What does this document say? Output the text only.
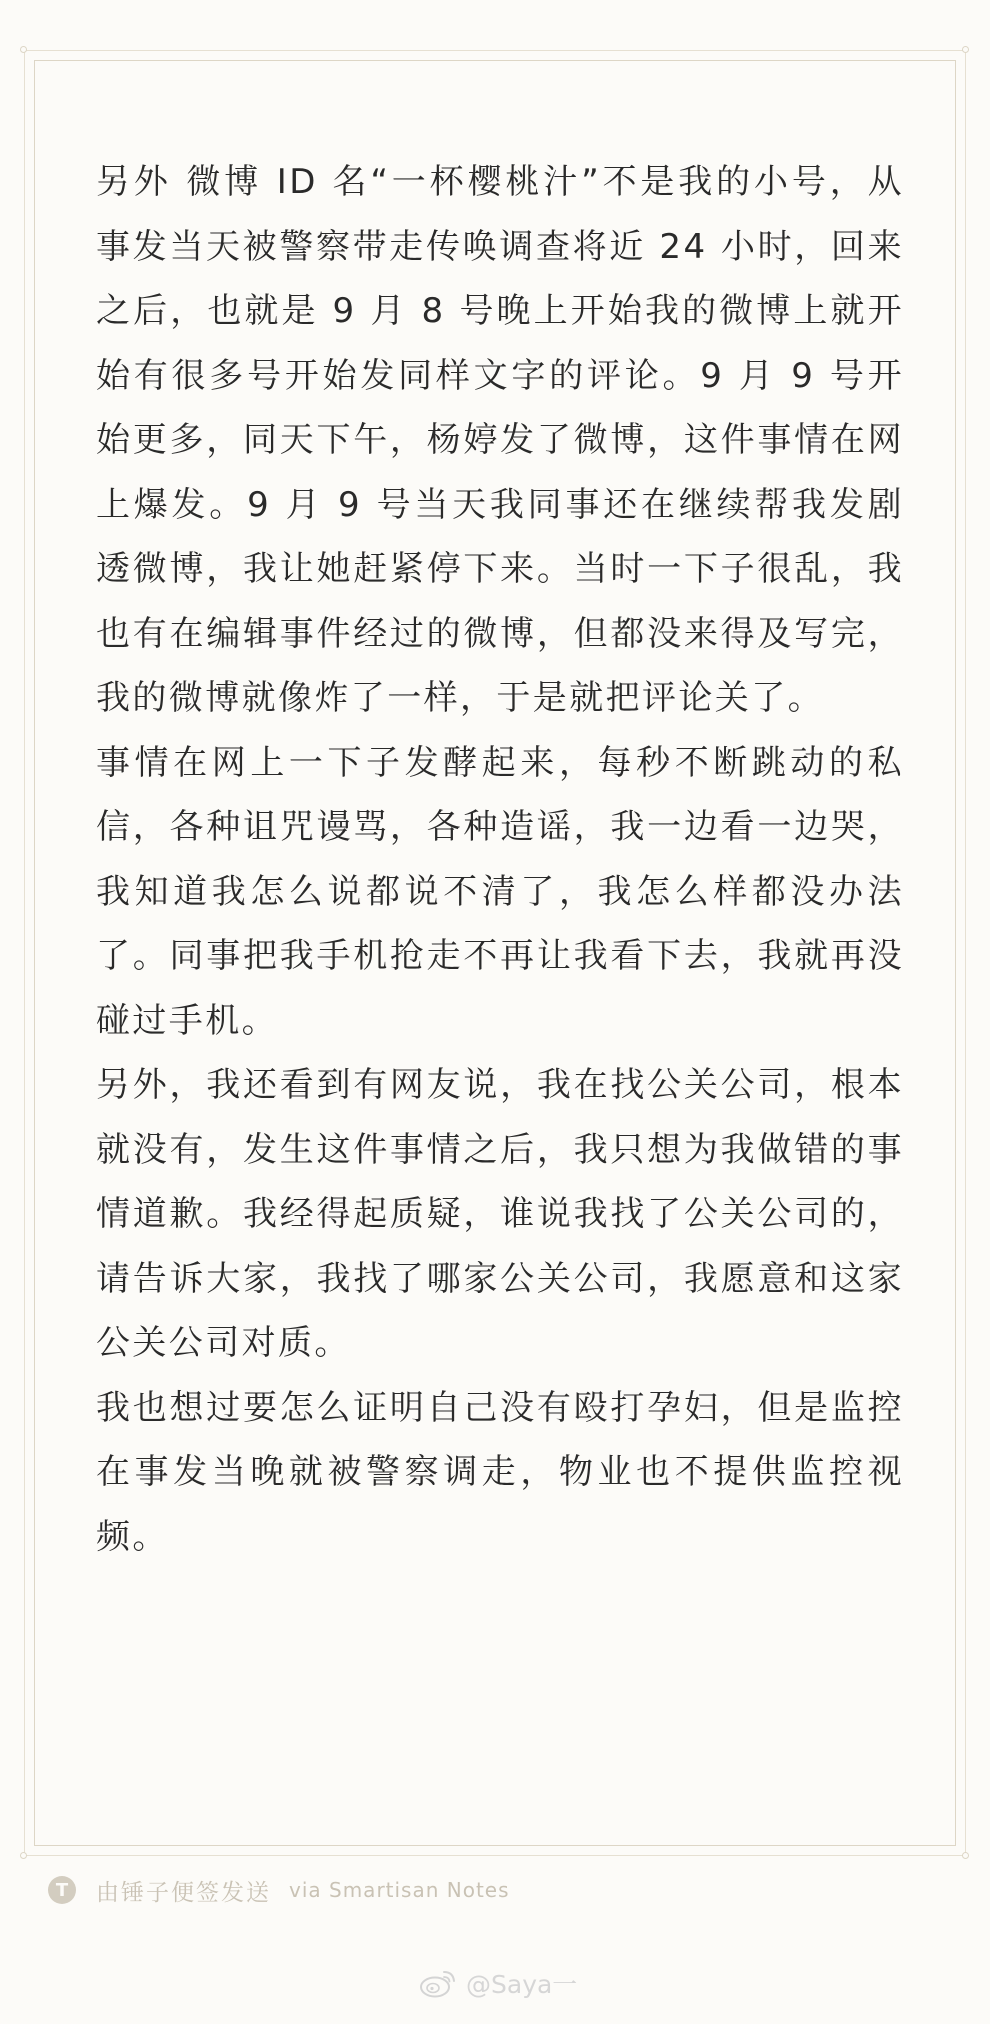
另外 微博 ID 名“一杯樱桃汁”不是我的小号，从事发当天被警察带走传唤调查将近 24 小时，回来之后，也就是 9 月 8 号晚上开始我的微博上就开始有很多号开始发同样文字的评论。9 月 9 号开始更多，同天下午，杨婷发了微博，这件事情在网上爆发。9 月 9 号当天我同事还在继续帮我发剧透微博，我让她赶紧停下来。当时一下子很乱，我也有在编辑事件经过的微博，但都没来得及写完，我的微博就像炸了一样，于是就把评论关了。

事情在网上一下子发酵起来，每秒不断跳动的私信，各种诅咒谩骂，各种造谣，我一边看一边哭，我知道我怎么说都说不清了，我怎么样都没办法了。同事把我手机抢走不再让我看下去，我就再没碰过手机。

另外，我还看到有网友说，我在找公关公司，根本就没有，发生这件事情之后，我只想为我做错的事情道歉。我经得起质疑，谁说我找了公关公司的，请告诉大家，我找了哪家公关公司，我愿意和这家公关公司对质。

我也想过要怎么证明自己没有殴打孕妇，但是监控在事发当晚就被警察调走，物业也不提供监控视频。

T	由锤子便签发送 via Smartisan Notes
@Saya一
